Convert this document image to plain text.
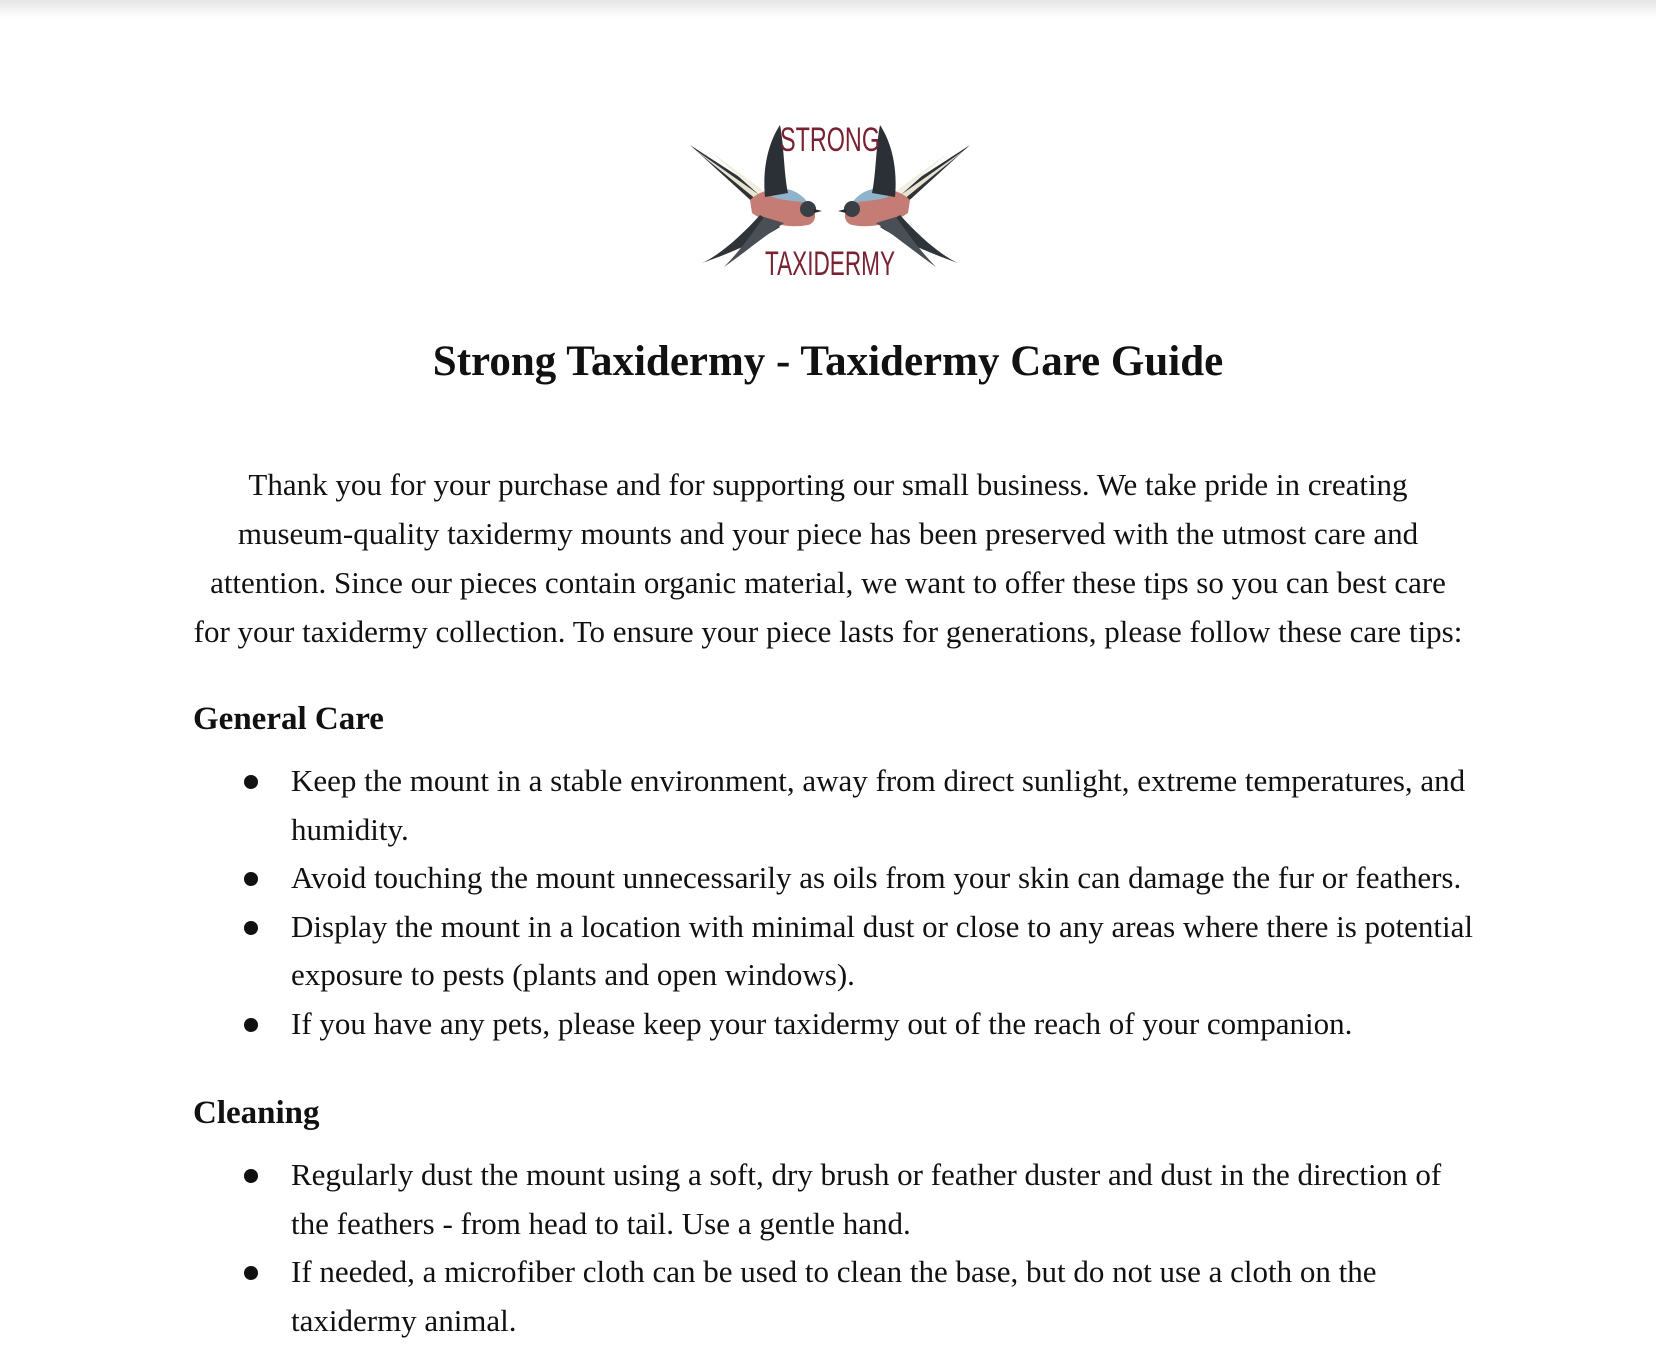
STRONG
TAXIDERMY
Strong Taxidermy - Taxidermy Care Guide

Thank you for your purchase and for supporting our small business. We take pride in creating museum-quality taxidermy mounts and your piece has been preserved with the utmost care and attention. Since our pieces contain organic material, we want to offer these tips so you can best care for your taxidermy collection. To ensure your piece lasts for generations, please follow these care tips:

General Care
Keep the mount in a stable environment, away from direct sunlight, extreme temperatures, and humidity.
Avoid touching the mount unnecessarily as oils from your skin can damage the fur or feathers.
Display the mount in a location with minimal dust or close to any areas where there is potential exposure to pests (plants and open windows).
If you have any pets, please keep your taxidermy out of the reach of your companion.
Cleaning
Regularly dust the mount using a soft, dry brush or feather duster and dust in the direction of the feathers - from head to tail. Use a gentle hand.
If needed, a microfiber cloth can be used to clean the base, but do not use a cloth on the taxidermy animal.
